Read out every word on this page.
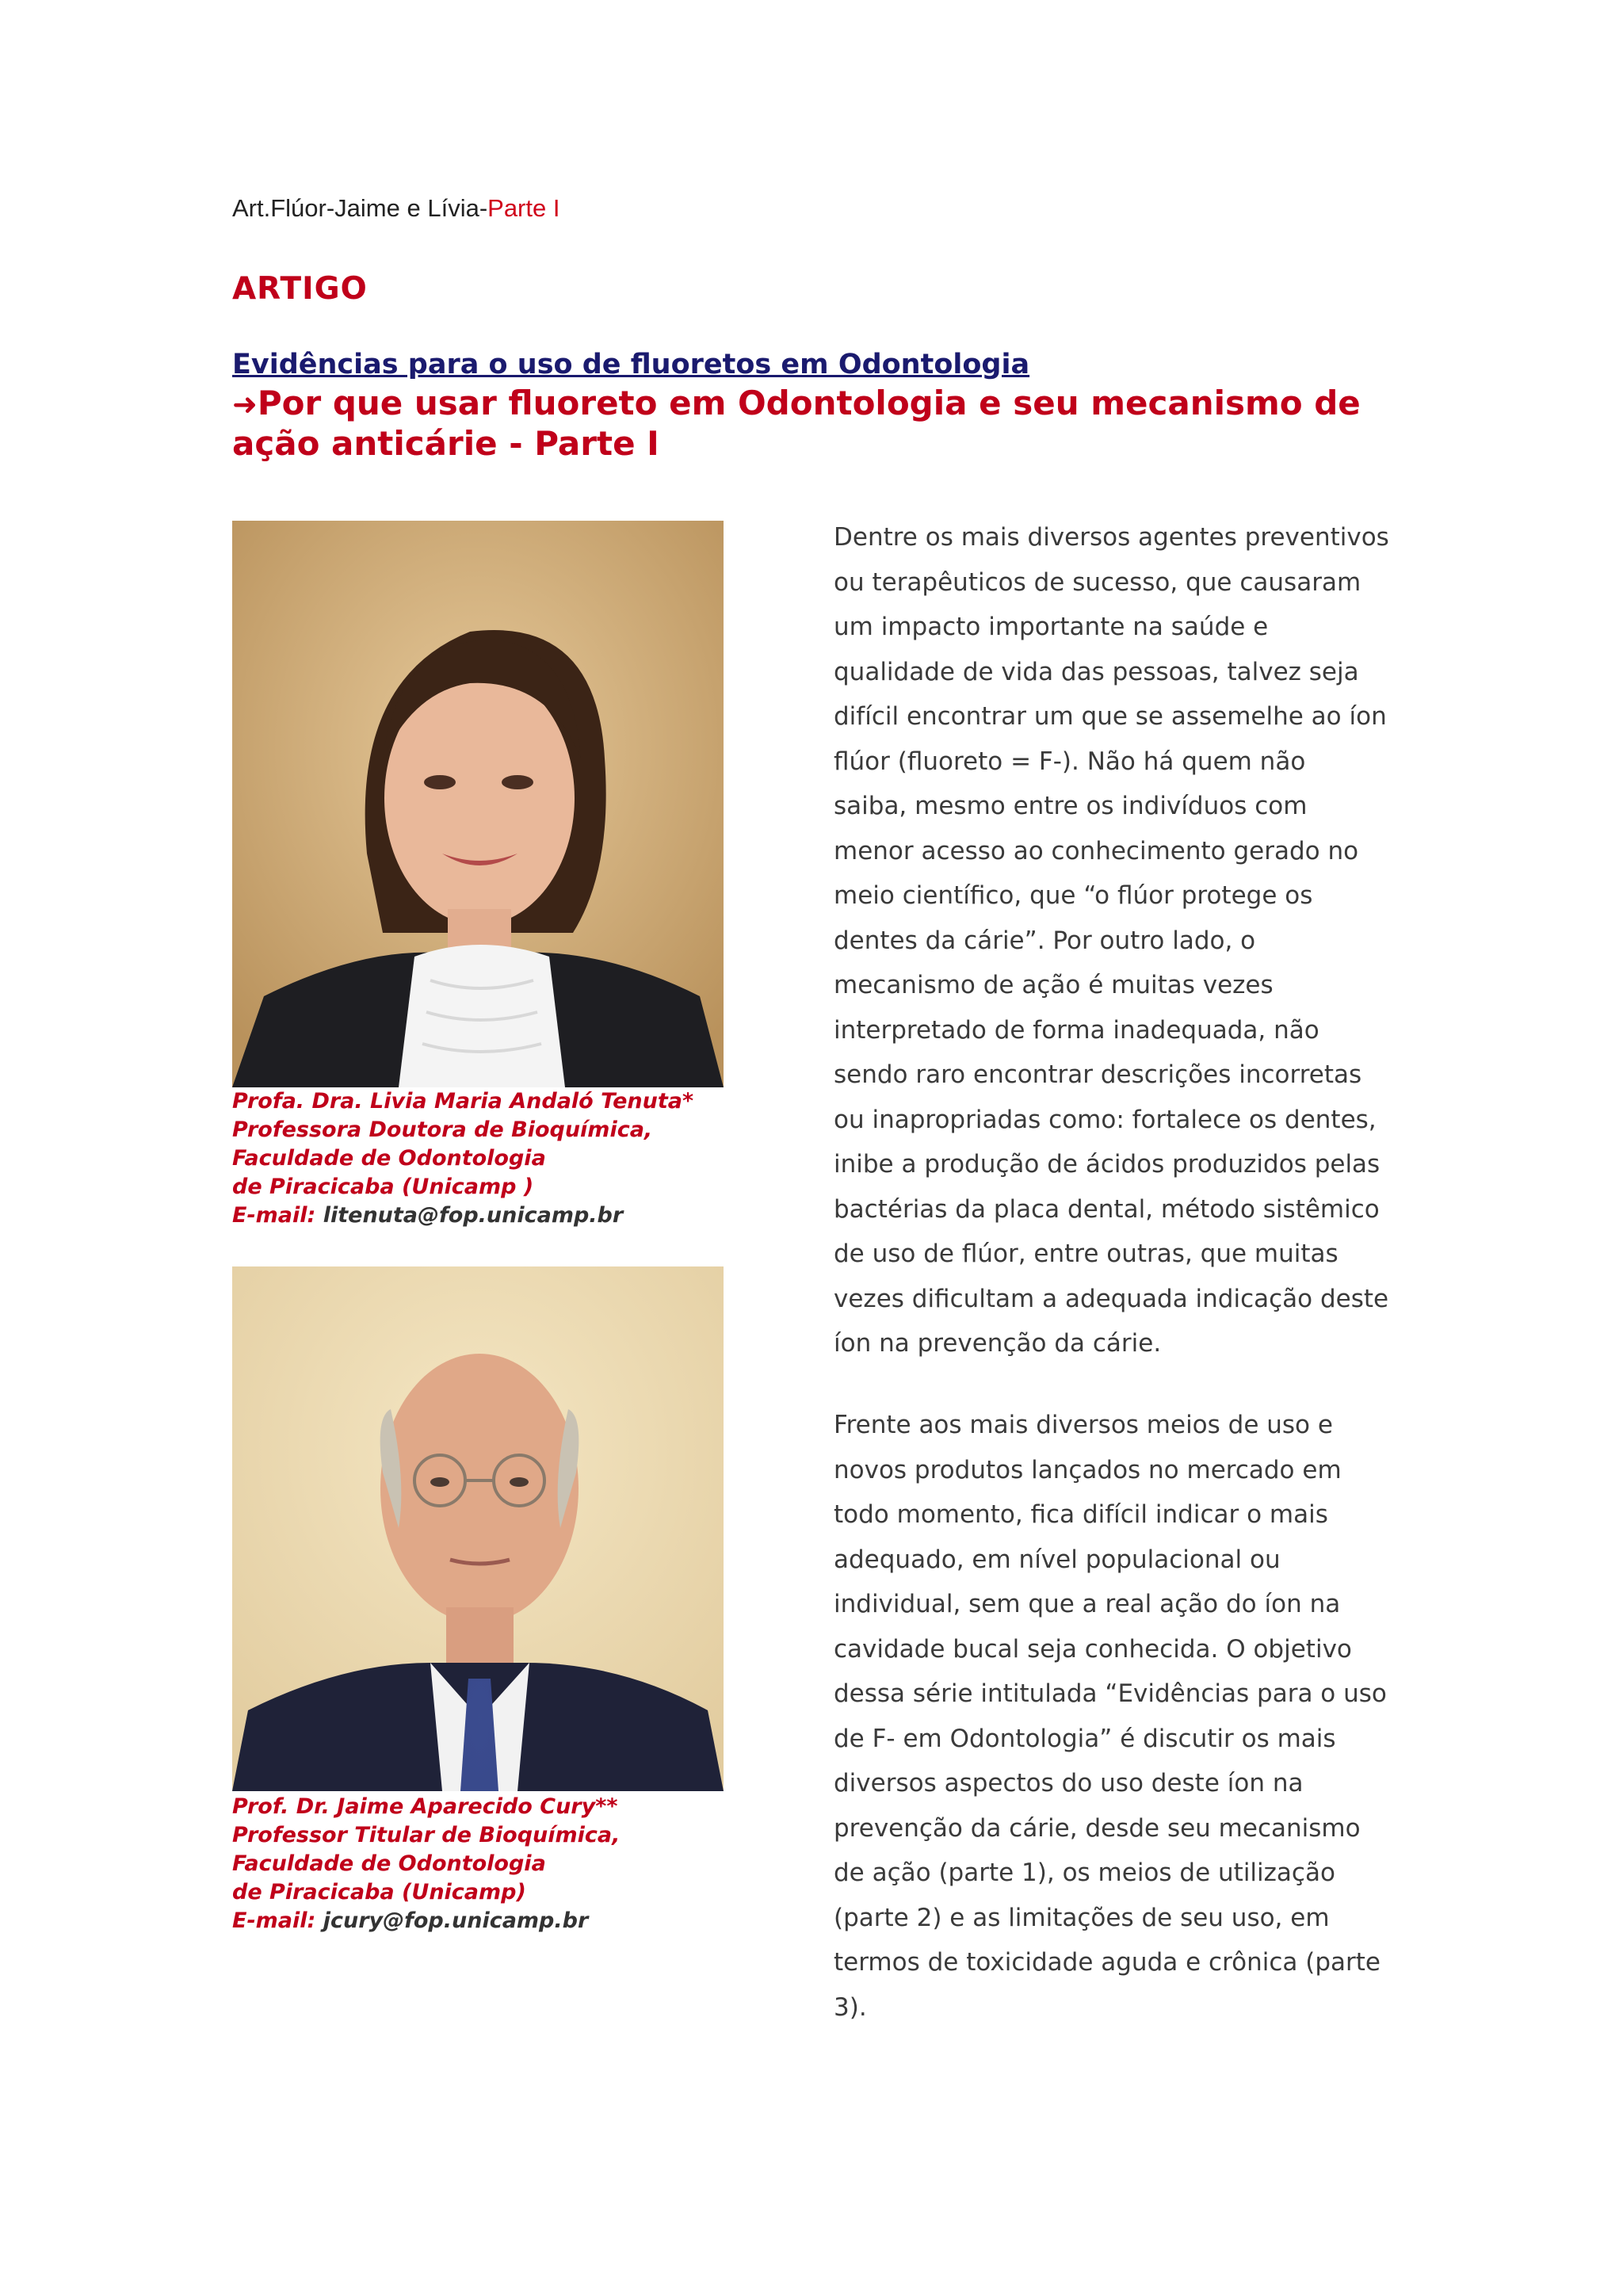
Art.Flúor-Jaime e Lívia-Parte I
ARTIGO
Evidências para o uso de fluoretos em Odontologia
➜Por que usar fluoreto em Odontologia e seu mecanismo de
ação anticárie - Parte I
Profa. Dra. Livia Maria Andaló Tenuta*
Professora Doutora de Bioquímica,
Faculdade de Odontologia
de Piracicaba (Unicamp )
E-mail: litenuta@fop.unicamp.br
Prof. Dr. Jaime Aparecido Cury**
Professor Titular de Bioquímica,
Faculdade de Odontologia
de Piracicaba (Unicamp)
E-mail: jcury@fop.unicamp.br
Dentre os mais diversos agentes preventivos
ou terapêuticos de sucesso, que causaram
um impacto importante na saúde e
qualidade de vida das pessoas, talvez seja
difícil encontrar um que se assemelhe ao íon
flúor (fluoreto = F-). Não há quem não
saiba, mesmo entre os indivíduos com
menor acesso ao conhecimento gerado no
meio científico, que “o flúor protege os
dentes da cárie”. Por outro lado, o
mecanismo de ação é muitas vezes
interpretado de forma inadequada, não
sendo raro encontrar descrições incorretas
ou inapropriadas como: fortalece os dentes,
inibe a produção de ácidos produzidos pelas
bactérias da placa dental, método sistêmico
de uso de flúor, entre outras, que muitas
vezes dificultam a adequada indicação deste
íon na prevenção da cárie.
Frente aos mais diversos meios de uso e
novos produtos lançados no mercado em
todo momento, fica difícil indicar o mais
adequado, em nível populacional ou
individual, sem que a real ação do íon na
cavidade bucal seja conhecida. O objetivo
dessa série intitulada “Evidências para o uso
de F- em Odontologia” é discutir os mais
diversos aspectos do uso deste íon na
prevenção da cárie, desde seu mecanismo
de ação (parte 1), os meios de utilização
(parte 2) e as limitações de seu uso, em
termos de toxicidade aguda e crônica (parte
3).
